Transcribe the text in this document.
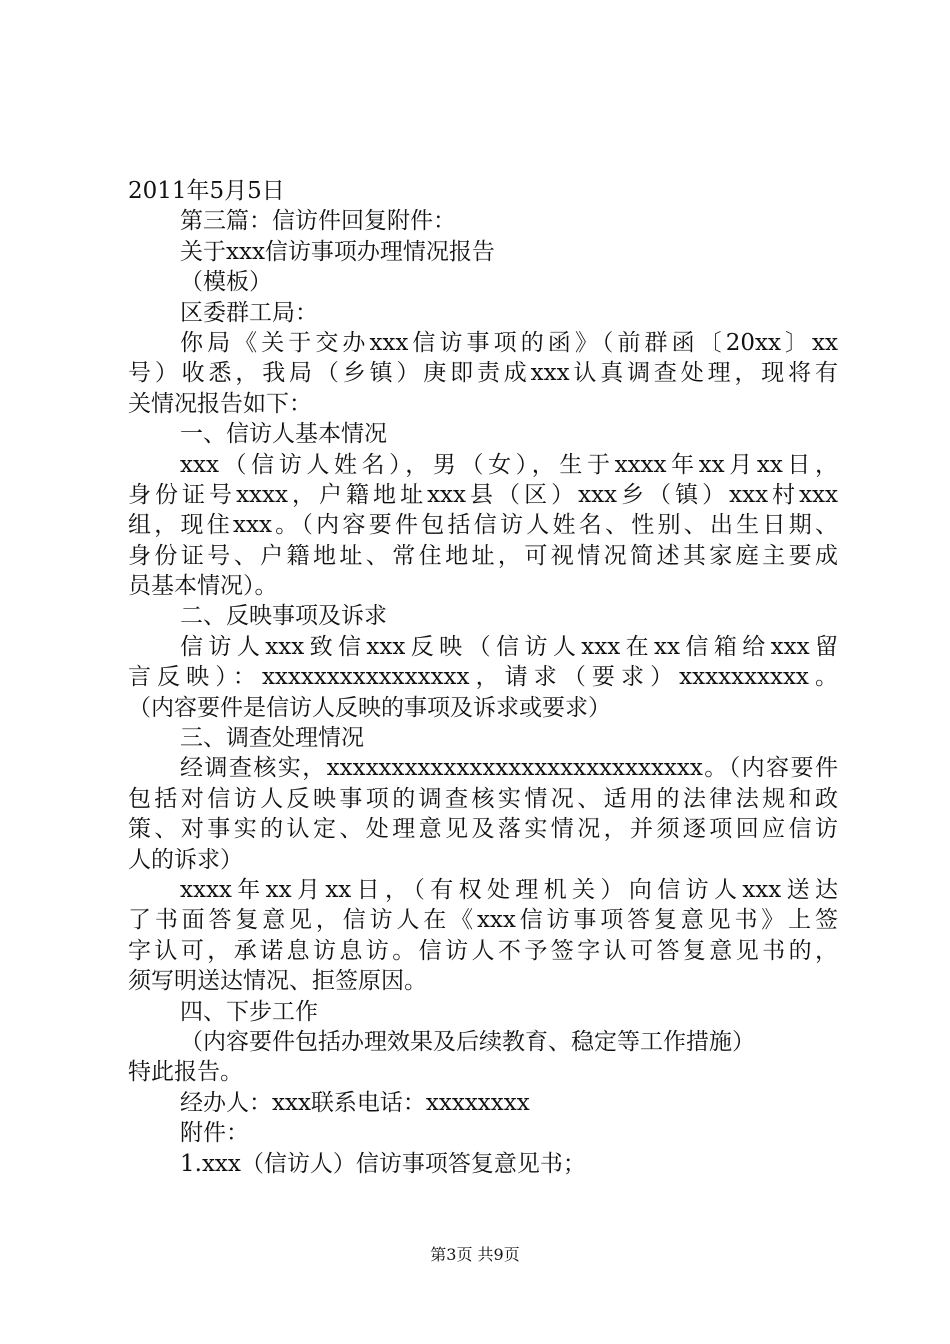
2011年5月5日
第三篇：信访件回复附件：
关于xxx信访事项办理情况报告
（模板）
区委群工局：
你局《关于交办xxx信访事项的函》（前群函〔20xx〕xx
号）收悉，我局（乡镇）庚即责成xxx认真调查处理，现将有
关情况报告如下：
一、信访人基本情况
xxx（信访人姓名），男（女），生于xxxx年xx月xx日，
身份证号xxxx，户籍地址xxx县（区）xxx乡（镇）xxx村xxx
组，现住xxx。（内容要件包括信访人姓名、性别、出生日期、
身份证号、户籍地址、常住地址，可视情况简述其家庭主要成
员基本情况）。
二、反映事项及诉求
信访人xxx致信xxx反映（信访人xxx在xx信箱给xxx留
言反映）：xxxxxxxxxxxxxxxx，请求（要求）xxxxxxxxxx。
（内容要件是信访人反映的事项及诉求或要求）
三、调查处理情况
经调查核实，xxxxxxxxxxxxxxxxxxxxxxxxxxxxx。（内容要件
包括对信访人反映事项的调查核实情况、适用的法律法规和政
策、对事实的认定、处理意见及落实情况，并须逐项回应信访
人的诉求）
xxxx年xx月xx日，（有权处理机关）向信访人xxx送达
了书面答复意见，信访人在《xxx信访事项答复意见书》上签
字认可，承诺息访息访。信访人不予签字认可答复意见书的，
须写明送达情况、拒签原因。
四、下步工作
（内容要件包括办理效果及后续教育、稳定等工作措施）
特此报告。
经办人：xxx联系电话：xxxxxxxx
附件：
1.xxx（信访人）信访事项答复意见书；
第3页 共9页
